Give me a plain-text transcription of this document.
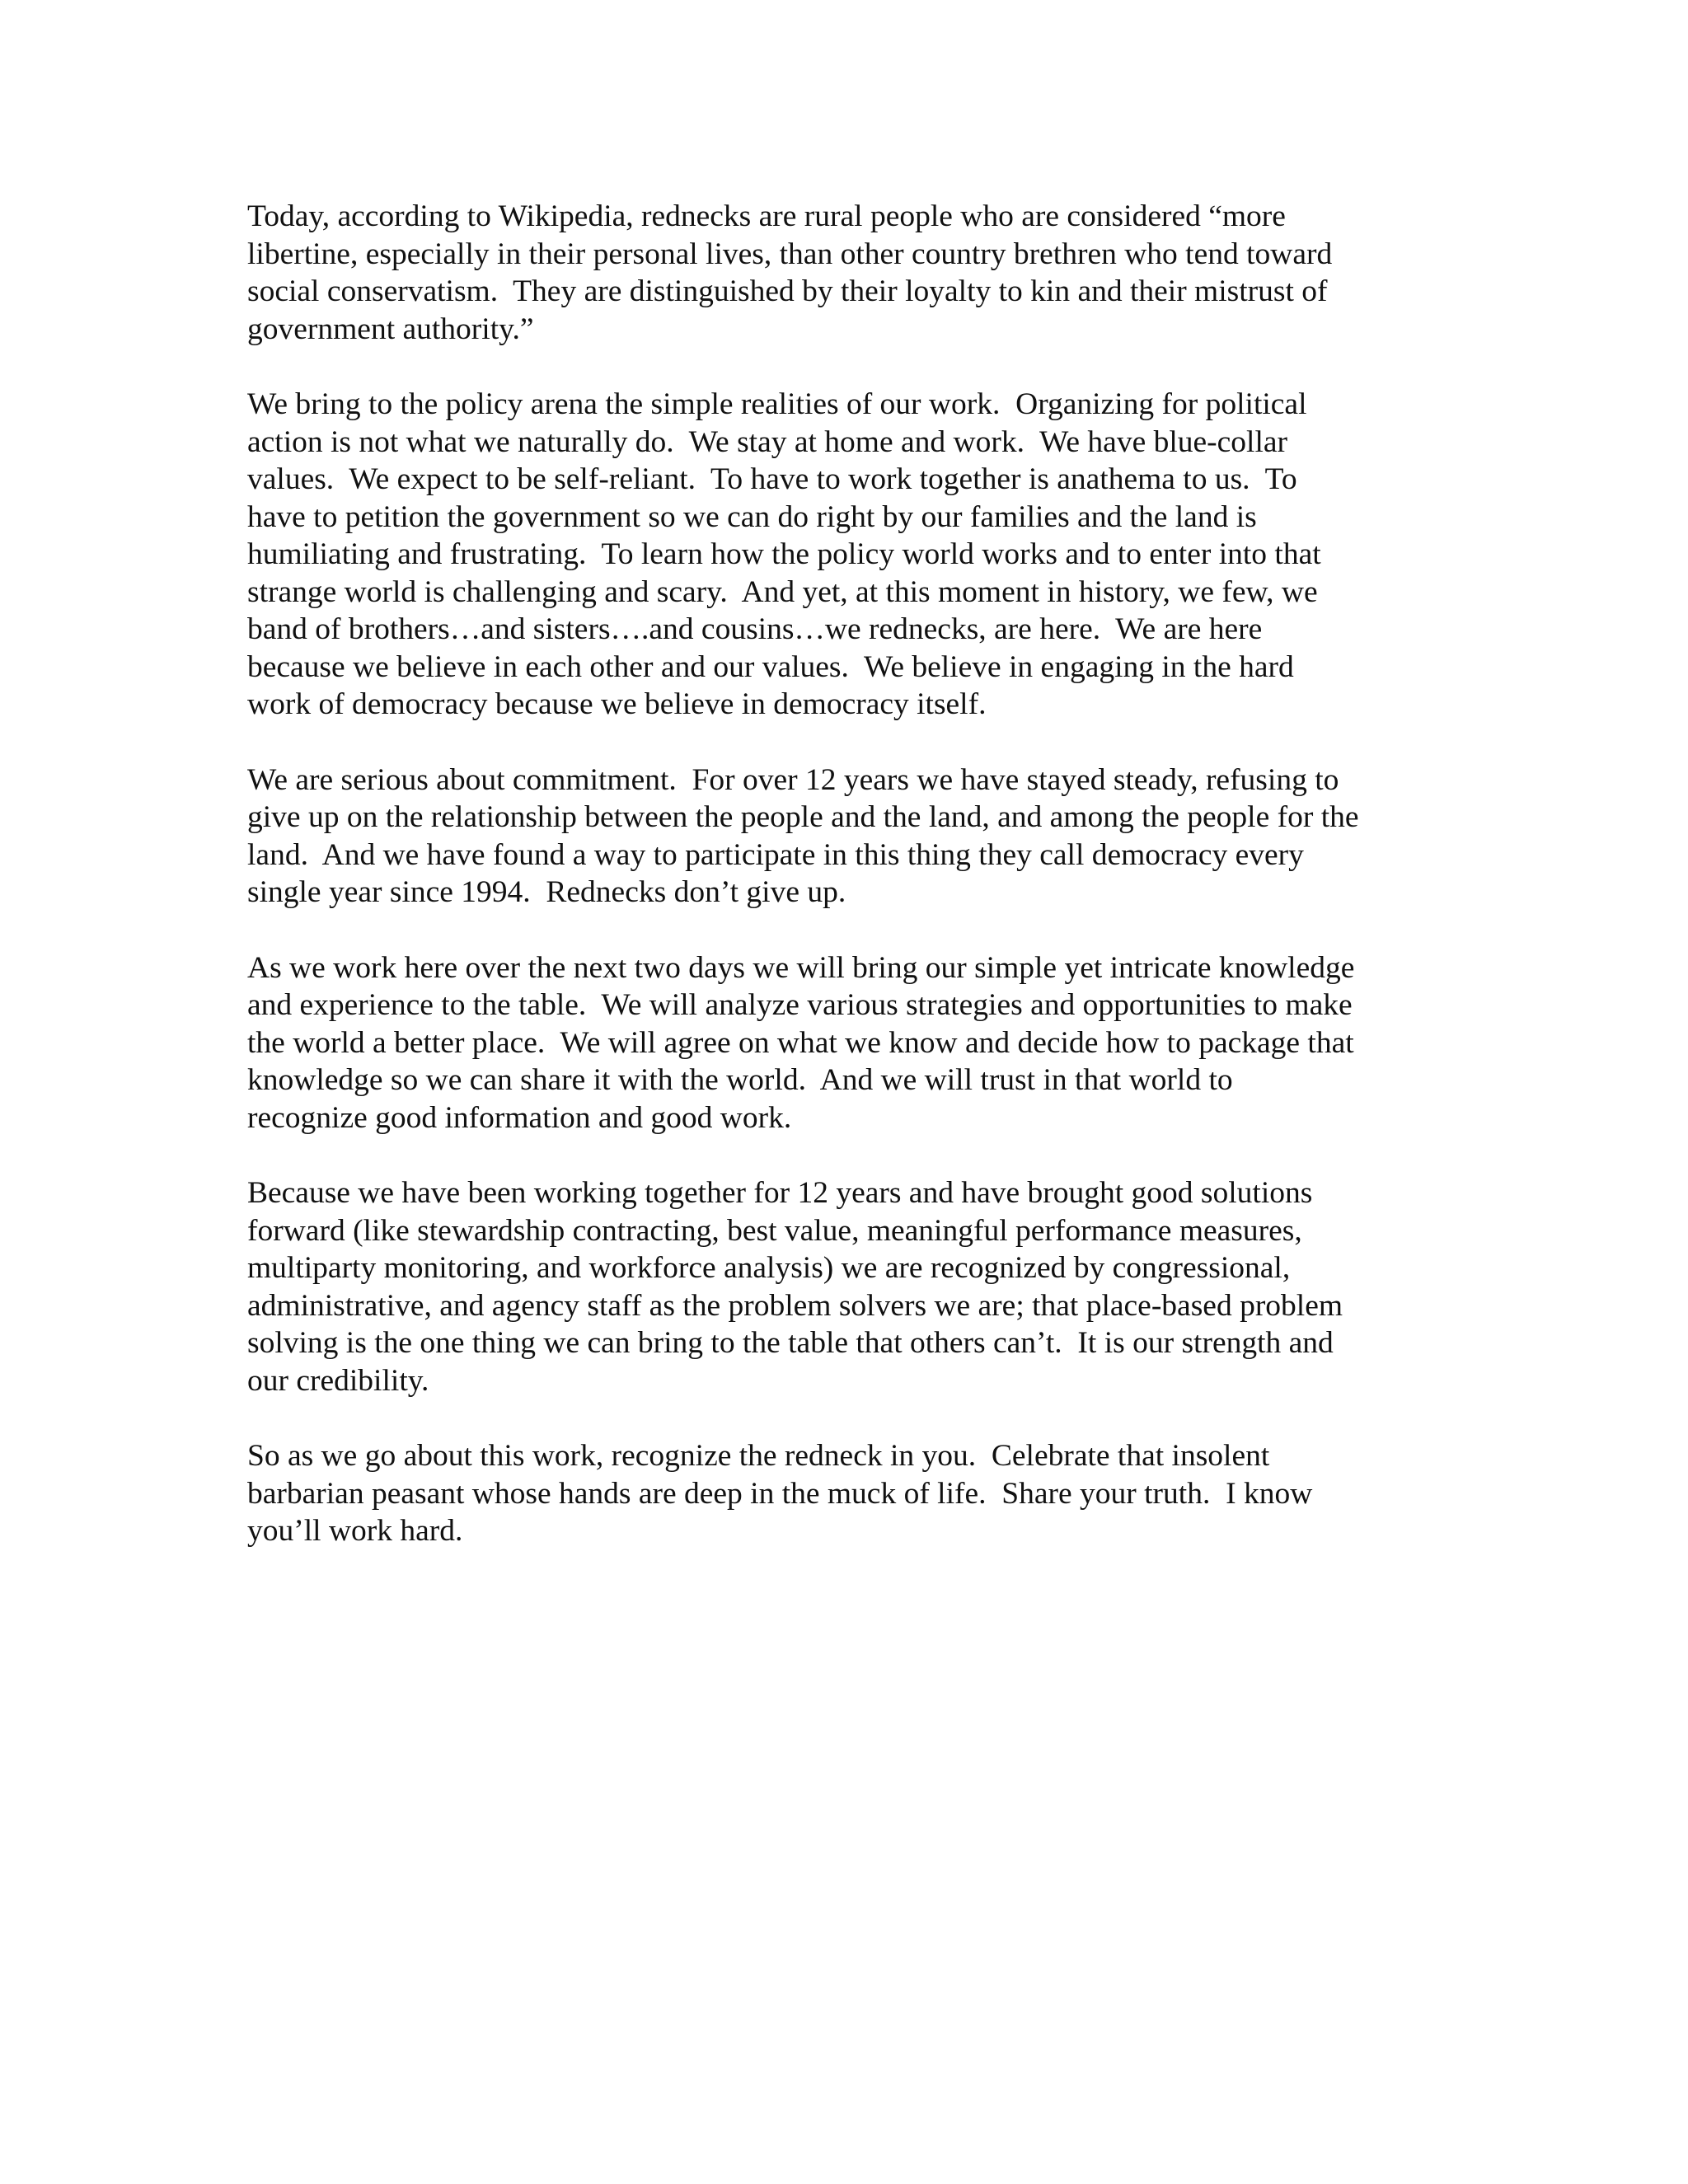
Today, according to Wikipedia, rednecks are rural people who are considered “more
libertine, especially in their personal lives, than other country brethren who tend toward
social conservatism.  They are distinguished by their loyalty to kin and their mistrust of
government authority.”

We bring to the policy arena the simple realities of our work.  Organizing for political
action is not what we naturally do.  We stay at home and work.  We have blue-collar
values.  We expect to be self-reliant.  To have to work together is anathema to us.  To
have to petition the government so we can do right by our families and the land is
humiliating and frustrating.  To learn how the policy world works and to enter into that
strange world is challenging and scary.  And yet, at this moment in history, we few, we
band of brothers…and sisters….and cousins…we rednecks, are here.  We are here
because we believe in each other and our values.  We believe in engaging in the hard
work of democracy because we believe in democracy itself.

We are serious about commitment.  For over 12 years we have stayed steady, refusing to
give up on the relationship between the people and the land, and among the people for the
land.  And we have found a way to participate in this thing they call democracy every
single year since 1994.  Rednecks don’t give up.

As we work here over the next two days we will bring our simple yet intricate knowledge
and experience to the table.  We will analyze various strategies and opportunities to make
the world a better place.  We will agree on what we know and decide how to package that
knowledge so we can share it with the world.  And we will trust in that world to
recognize good information and good work.

Because we have been working together for 12 years and have brought good solutions
forward (like stewardship contracting, best value, meaningful performance measures,
multiparty monitoring, and workforce analysis) we are recognized by congressional,
administrative, and agency staff as the problem solvers we are; that place-based problem
solving is the one thing we can bring to the table that others can’t.  It is our strength and
our credibility.

So as we go about this work, recognize the redneck in you.  Celebrate that insolent
barbarian peasant whose hands are deep in the muck of life.  Share your truth.  I know
you’ll work hard.
